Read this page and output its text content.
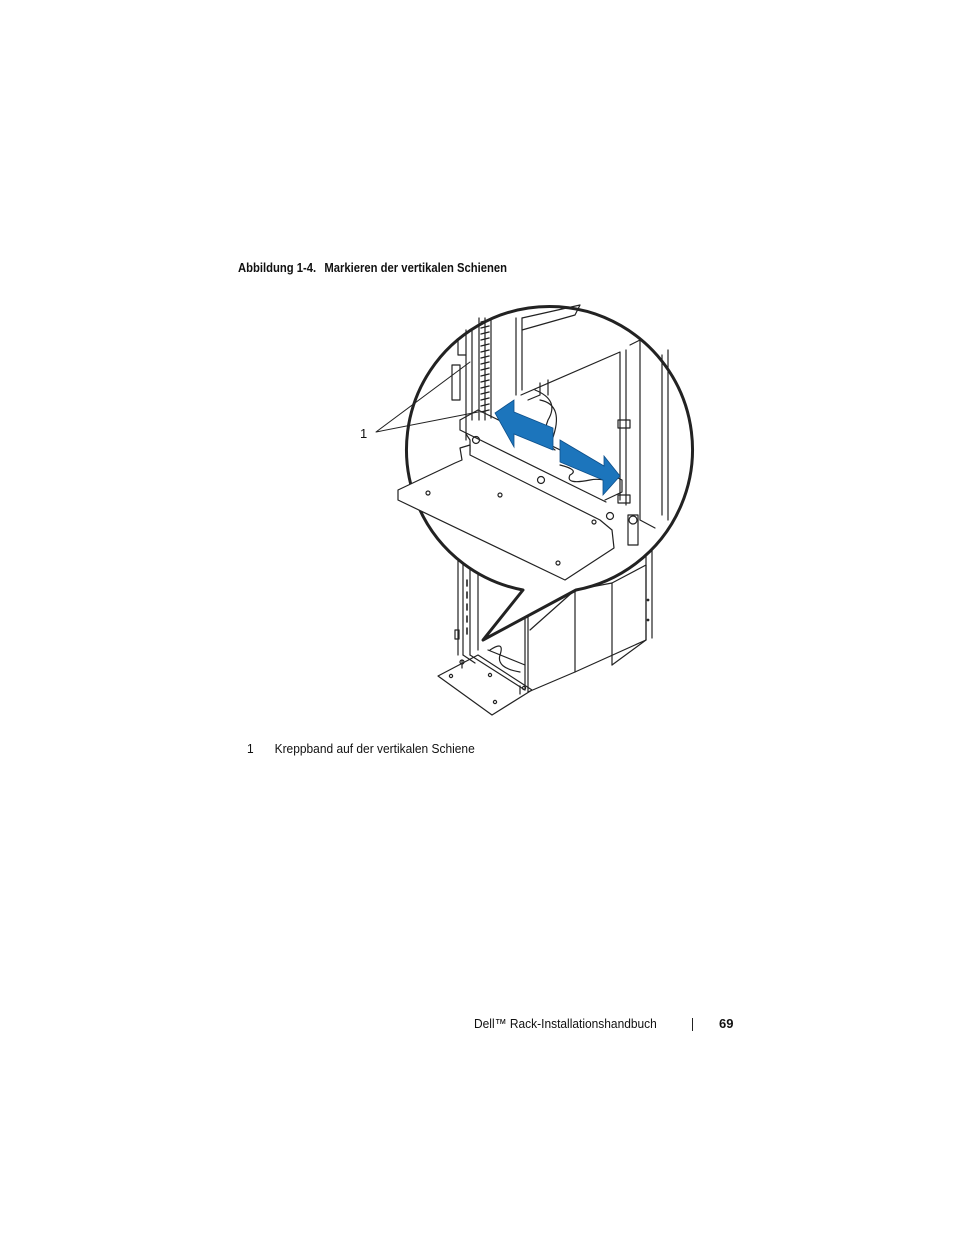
Abbildung 1-4. Markieren der vertikalen Schienen
1
1 Kreppband auf der vertikalen Schiene
Dell™ Rack-Installationshandbuch	69
